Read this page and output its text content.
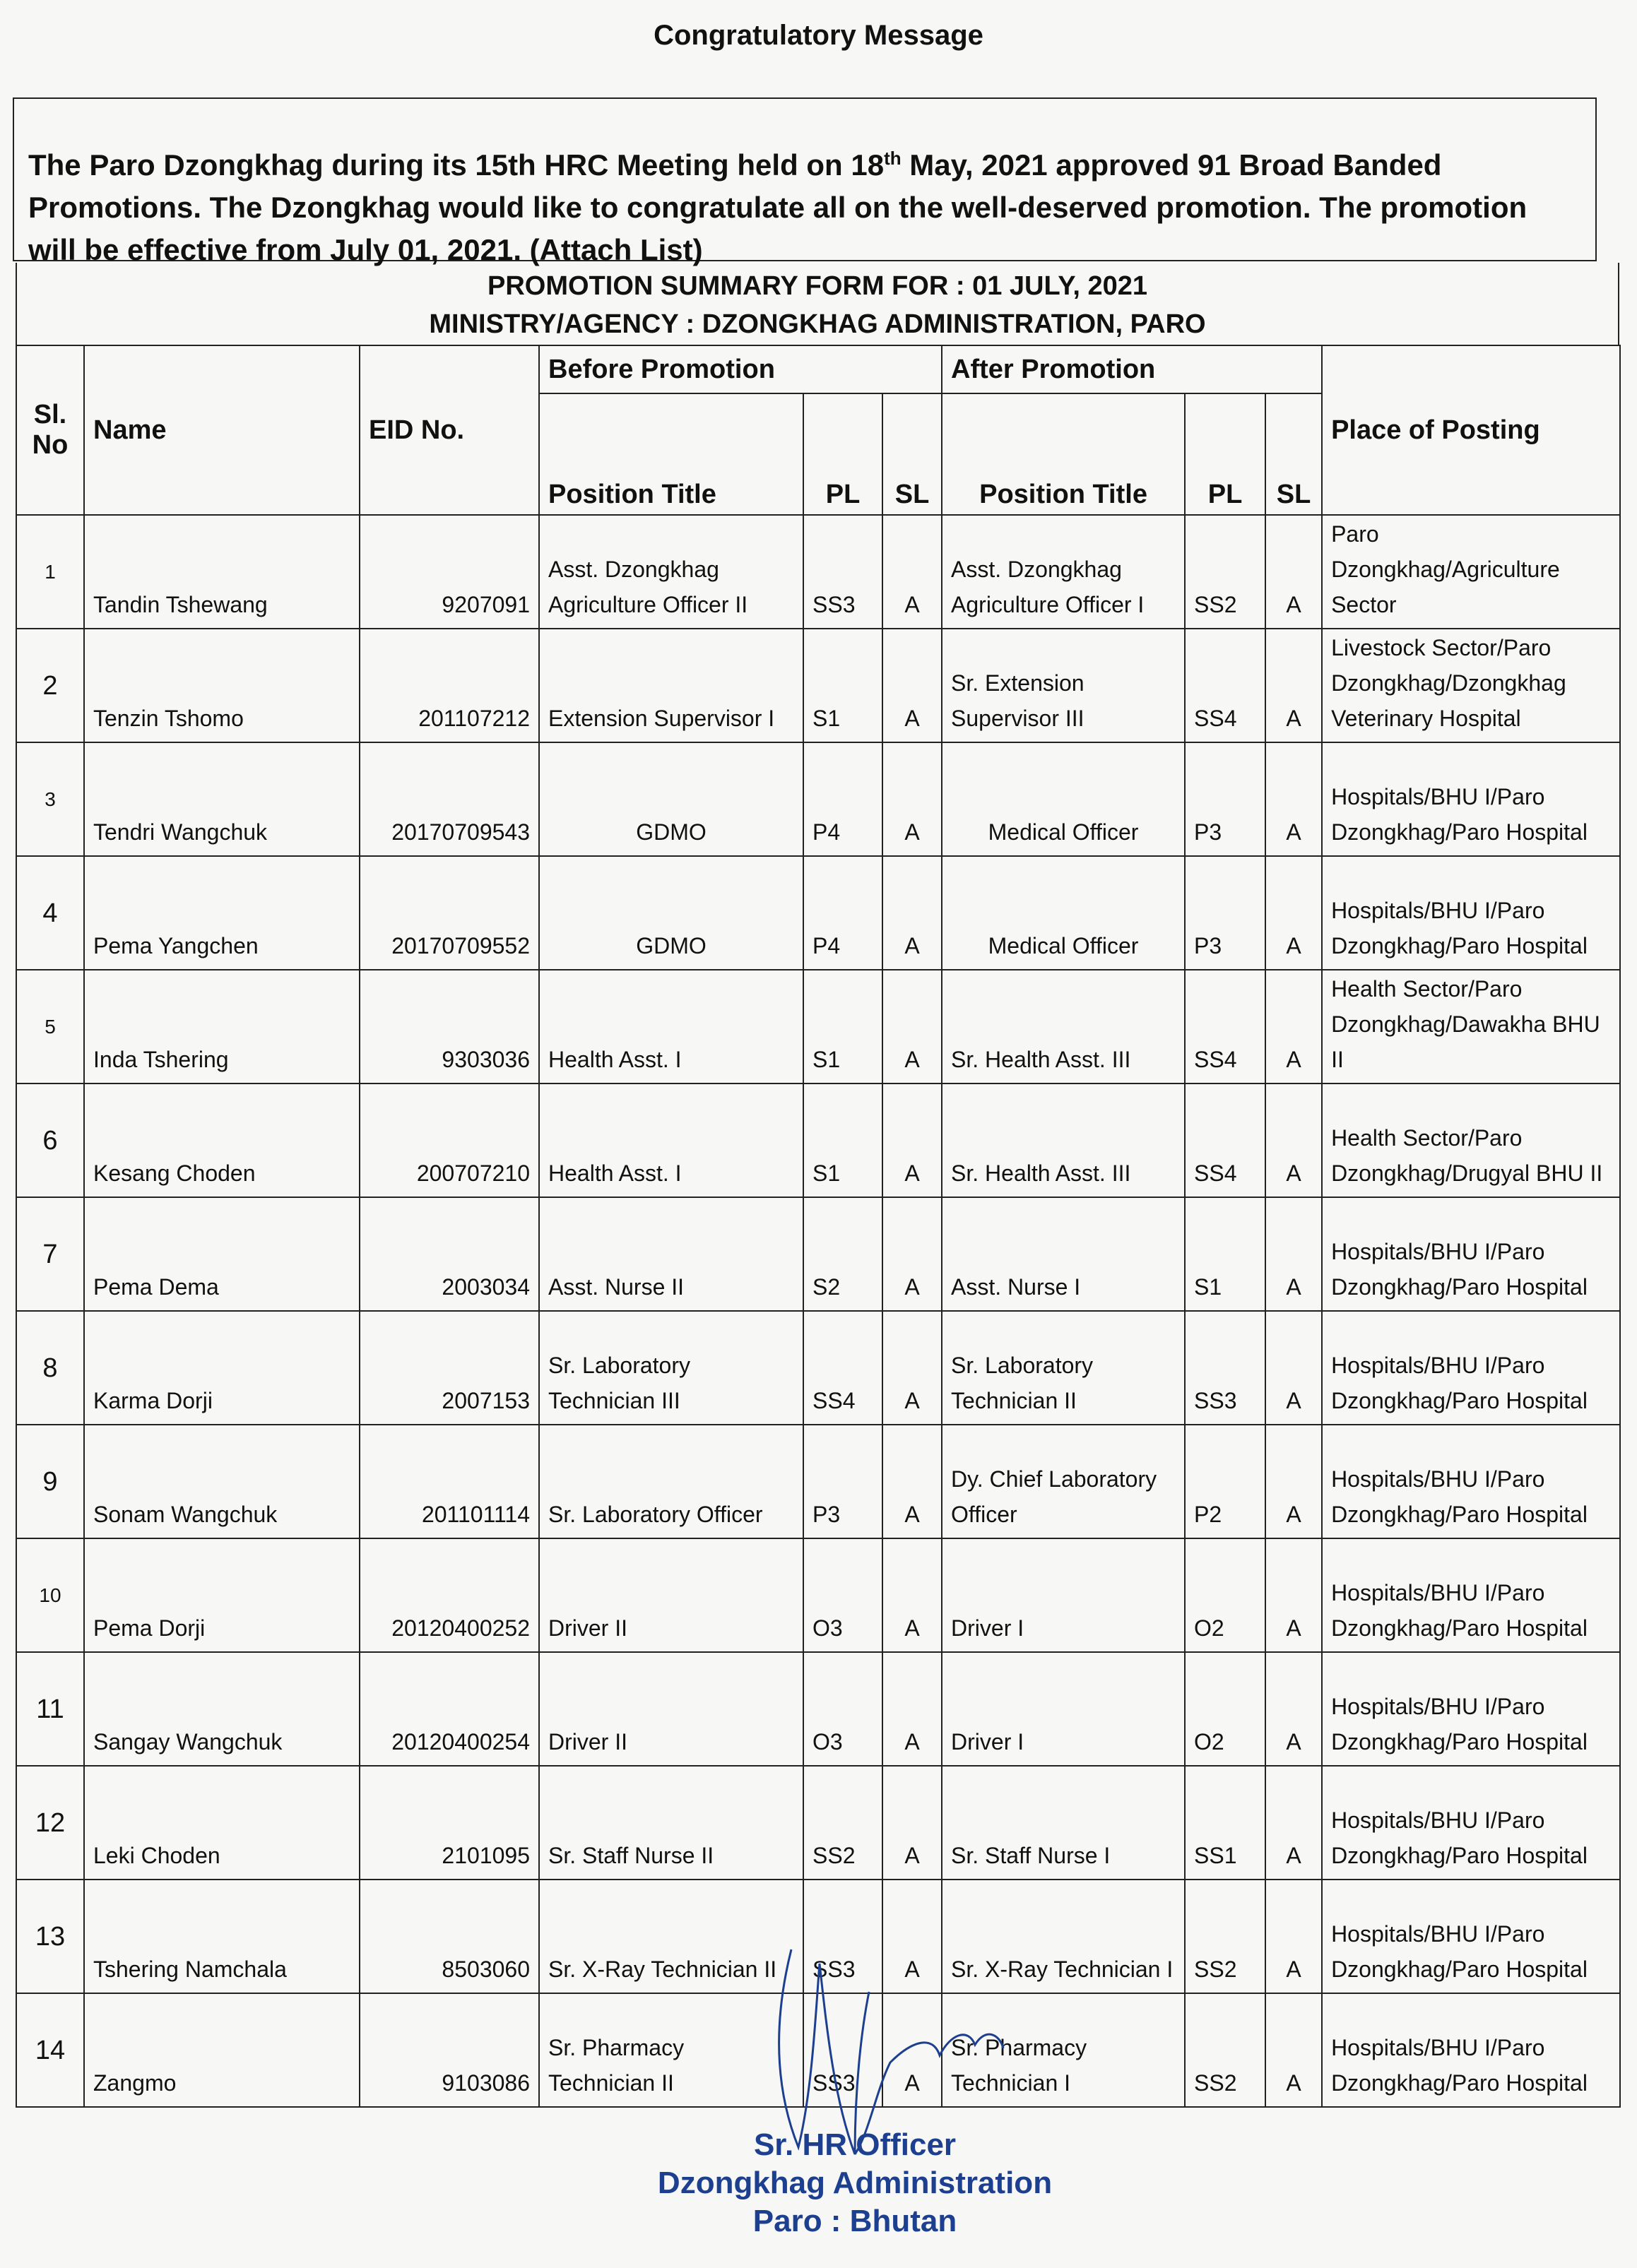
Congratulatory Message
The Paro Dzongkhag during its 15th HRC Meeting held on 18th May, 2021 approved 91 Broad Banded Promotions. The Dzongkhag would like to congratulate all on the well-deserved promotion. The promotion will be effective from July 01, 2021. (Attach List)
PROMOTION SUMMARY FORM FOR : 01 JULY, 2021
MINISTRY/AGENCY : DZONGKHAG ADMINISTRATION, PARO
Sl. No	Name	EID No.	Before Promotion			After Promotion			Place of Posting
			Position Title	PL	SL	Position Title	PL	SL	
1	Tandin Tshewang	9207091	Asst. Dzongkhag Agriculture Officer II	SS3	A	Asst. Dzongkhag Agriculture Officer I	SS2	A	Paro Dzongkhag/Agriculture Sector
2	Tenzin Tshomo	201107212	Extension Supervisor I	S1	A	Sr. Extension Supervisor III	SS4	A	Livestock Sector/Paro Dzongkhag/Dzongkhag Veterinary Hospital
3	Tendri Wangchuk	20170709543	GDMO	P4	A	Medical Officer	P3	A	Hospitals/BHU I/Paro Dzongkhag/Paro Hospital
4	Pema Yangchen	20170709552	GDMO	P4	A	Medical Officer	P3	A	Hospitals/BHU I/Paro Dzongkhag/Paro Hospital
5	Inda Tshering	9303036	Health Asst. I	S1	A	Sr. Health Asst. III	SS4	A	Health Sector/Paro Dzongkhag/Dawakha BHU II
6	Kesang Choden	200707210	Health Asst. I	S1	A	Sr. Health Asst. III	SS4	A	Health Sector/Paro Dzongkhag/Drugyal BHU II
7	Pema Dema	2003034	Asst. Nurse II	S2	A	Asst. Nurse I	S1	A	Hospitals/BHU I/Paro Dzongkhag/Paro Hospital
8	Karma Dorji	2007153	Sr. Laboratory Technician III	SS4	A	Sr. Laboratory Technician II	SS3	A	Hospitals/BHU I/Paro Dzongkhag/Paro Hospital
9	Sonam Wangchuk	201101114	Sr. Laboratory Officer	P3	A	Dy. Chief Laboratory Officer	P2	A	Hospitals/BHU I/Paro Dzongkhag/Paro Hospital
10	Pema Dorji	20120400252	Driver II	O3	A	Driver I	O2	A	Hospitals/BHU I/Paro Dzongkhag/Paro Hospital
11	Sangay Wangchuk	20120400254	Driver II	O3	A	Driver I	O2	A	Hospitals/BHU I/Paro Dzongkhag/Paro Hospital
12	Leki Choden	2101095	Sr. Staff Nurse II	SS2	A	Sr. Staff Nurse I	SS1	A	Hospitals/BHU I/Paro Dzongkhag/Paro Hospital
13	Tshering Namchala	8503060	Sr. X-Ray Technician II	SS3	A	Sr. X-Ray Technician I	SS2	A	Hospitals/BHU I/Paro Dzongkhag/Paro Hospital
14	Zangmo	9103086	Sr. Pharmacy Technician II	SS3	A	Sr. Pharmacy Technician I	SS2	A	Hospitals/BHU I/Paro Dzongkhag/Paro Hospital
Sr. HR Officer
Dzongkhag Administration
Paro : Bhutan
